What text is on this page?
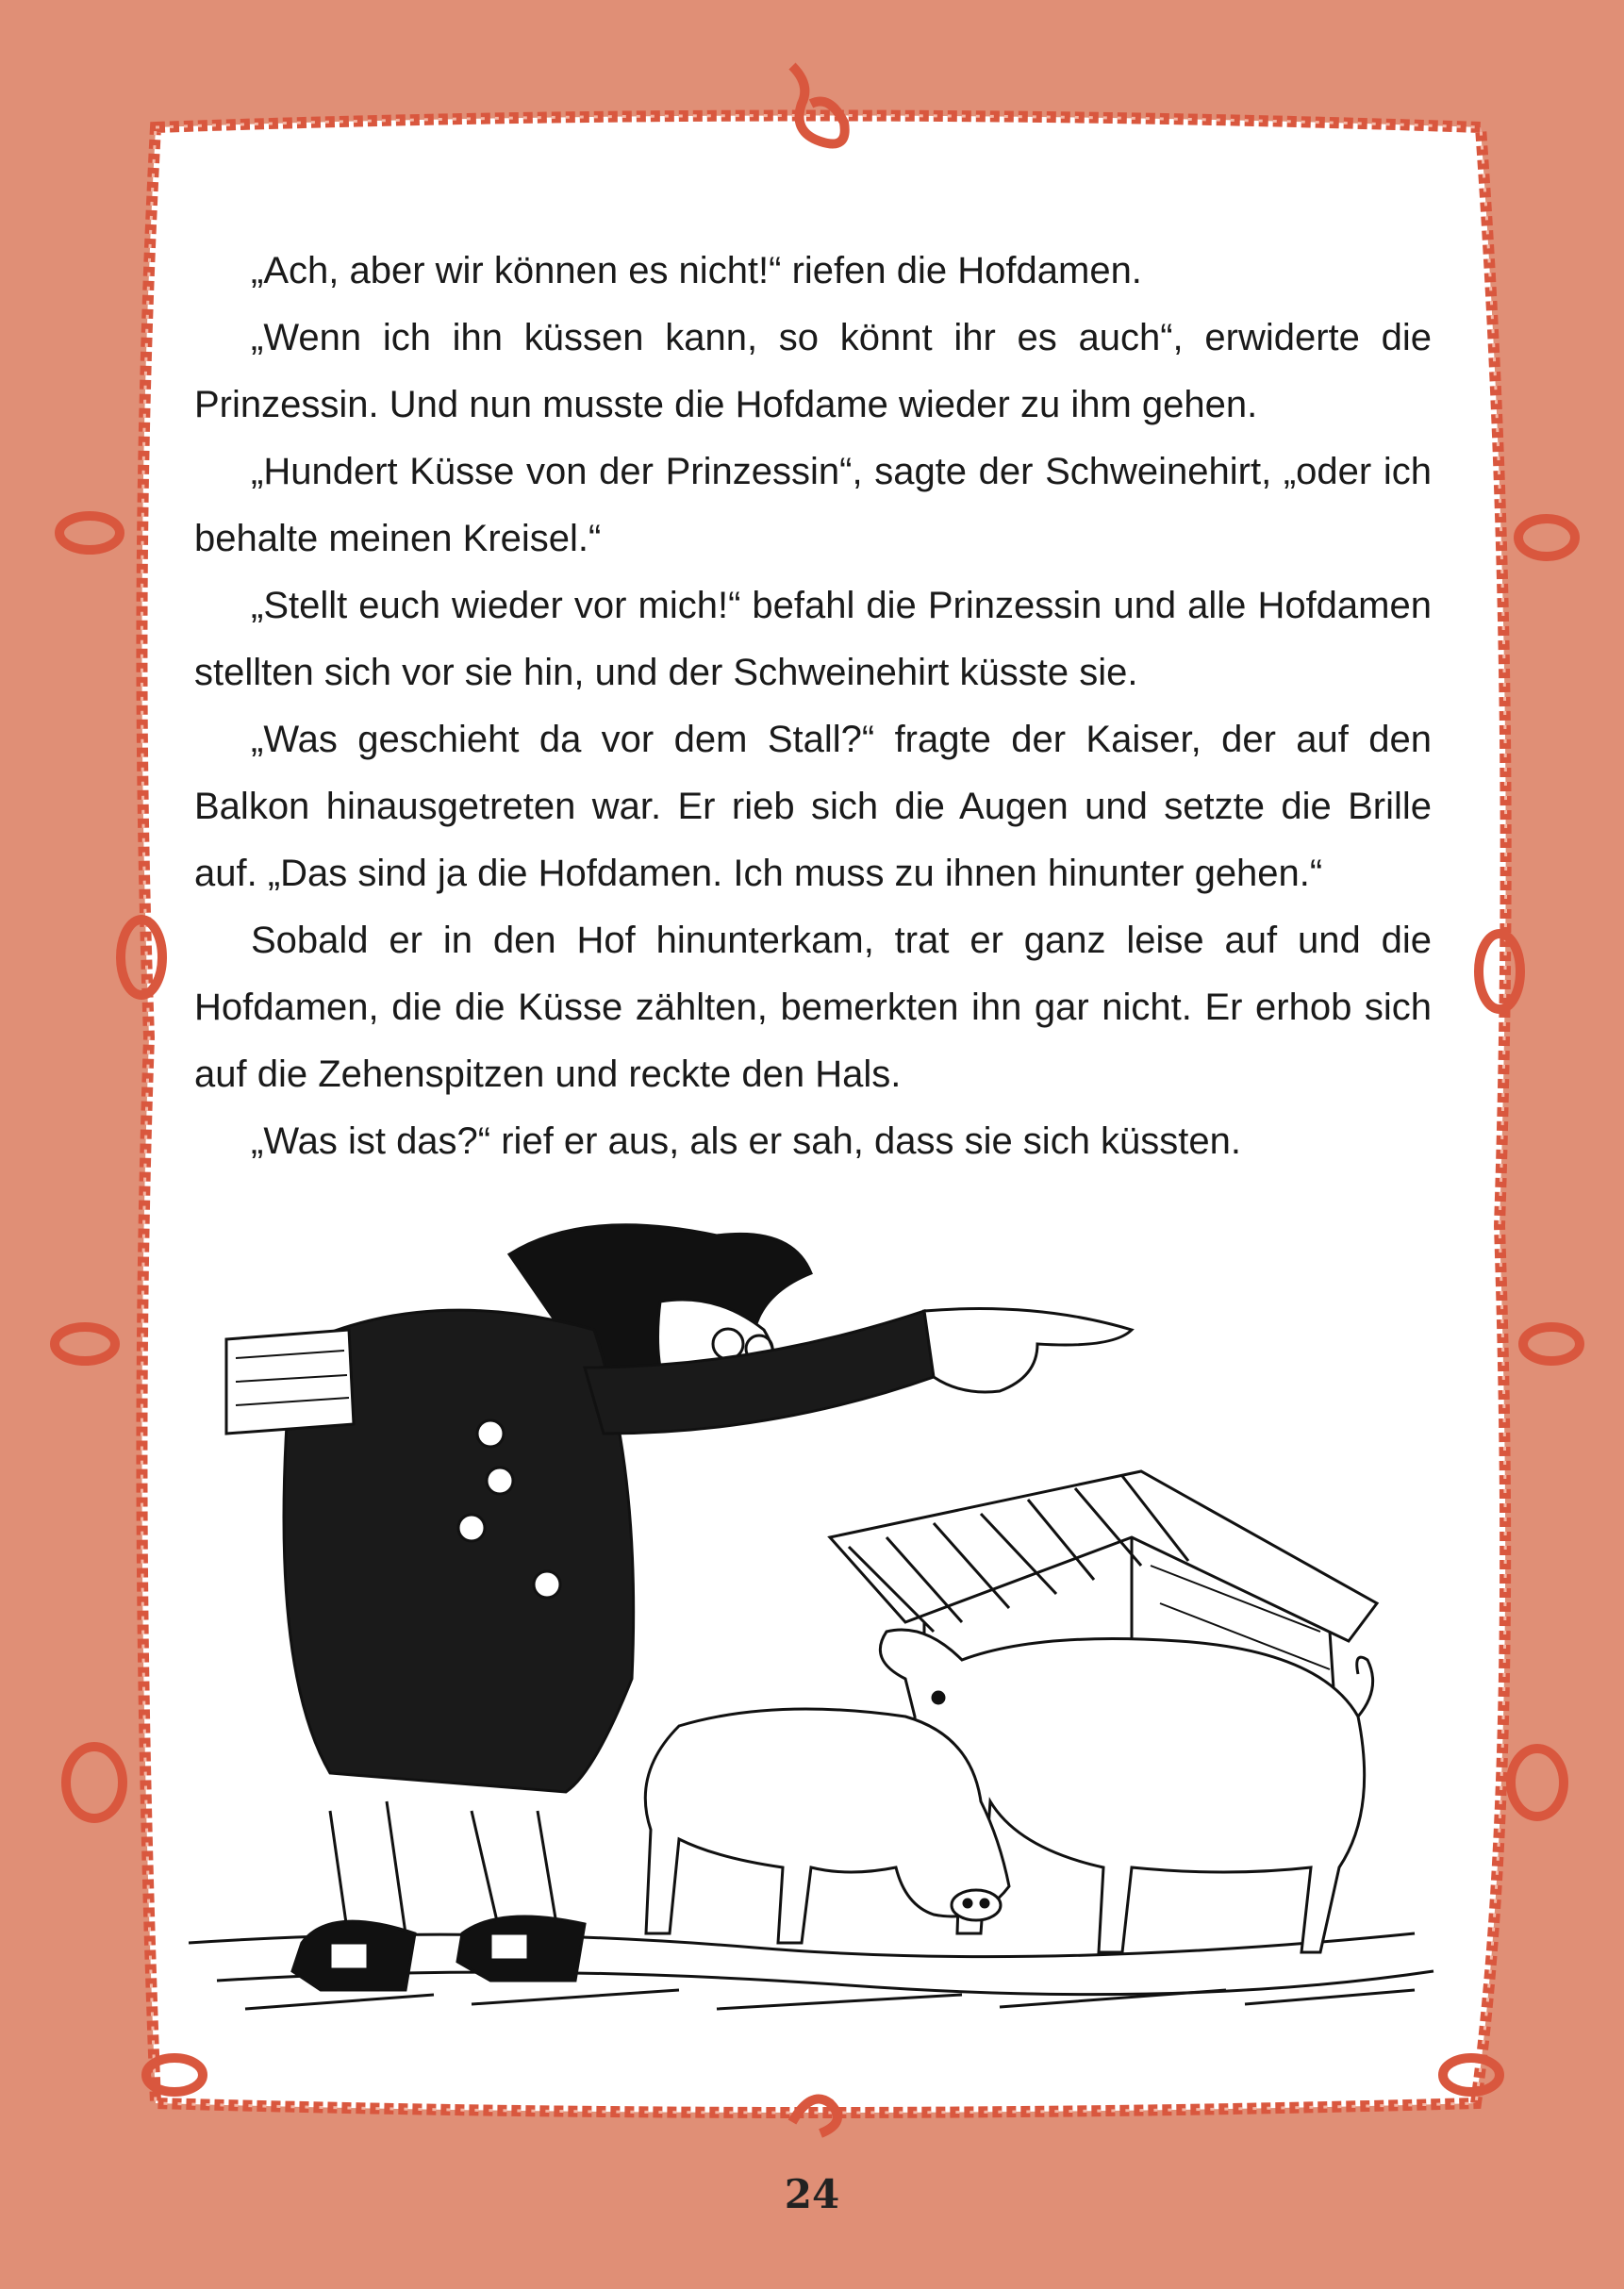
„Ach, aber wir können es nicht!“ riefen die Hofdamen.

„Wenn ich ihn küssen kann, so könnt ihr es auch“, erwiderte die Prinzessin. Und nun musste die Hofdame wieder zu ihm gehen.

„Hundert Küsse von der Prinzessin“, sagte der Schweinehirt, „oder ich behalte meinen Kreisel.“

„Stellt euch wieder vor mich!“ befahl die Prinzessin und alle Hofdamen stellten sich vor sie hin, und der Schweinehirt küsste sie.

„Was geschieht da vor dem Stall?“ fragte der Kaiser, der auf den Balkon hinausgetreten war. Er rieb sich die Augen und setzte die Brille auf. „Das sind ja die Hofdamen. Ich muss zu ihnen hinunter gehen.“

Sobald er in den Hof hinunterkam, trat er ganz leise auf und die Hofdamen, die die Küsse zählten, bemerkten ihn gar nicht. Er erhob sich auf die Zehenspitzen und reckte den Hals.

„Was ist das?“ rief er aus, als er sah, dass sie sich küssten.

24
